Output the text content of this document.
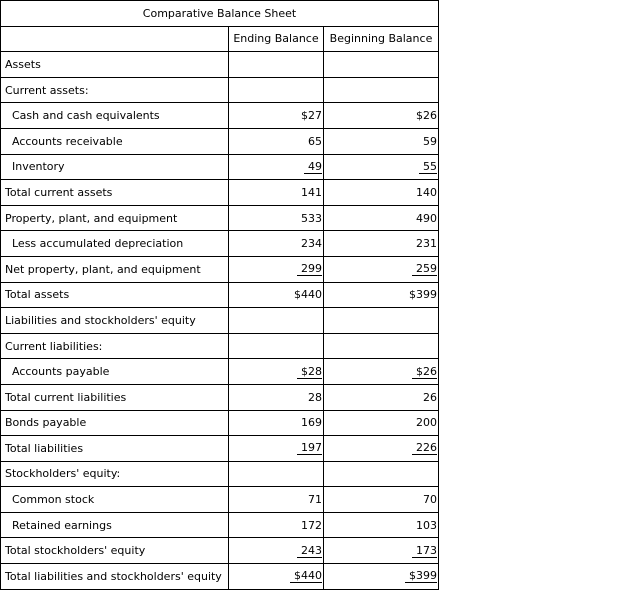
Comparative Balance Sheet		
	Ending Balance	Beginning Balance
Assets		
Current assets:		
Cash and cash equivalents	$27	$26
Accounts receivable	65	59
Inventory	49	55
Total current assets	141	140
Property, plant, and equipment	533	490
Less accumulated depreciation	234	231
Net property, plant, and equipment	299	259
Total assets	$440	$399
Liabilities and stockholders' equity		
Current liabilities:		
Accounts payable	$28	$26
Total current liabilities	28	26
Bonds payable	169	200
Total liabilities	197	226
Stockholders' equity:		
Common stock	71	70
Retained earnings	172	103
Total stockholders' equity	243	173
Total liabilities and stockholders' equity	$440	$399
